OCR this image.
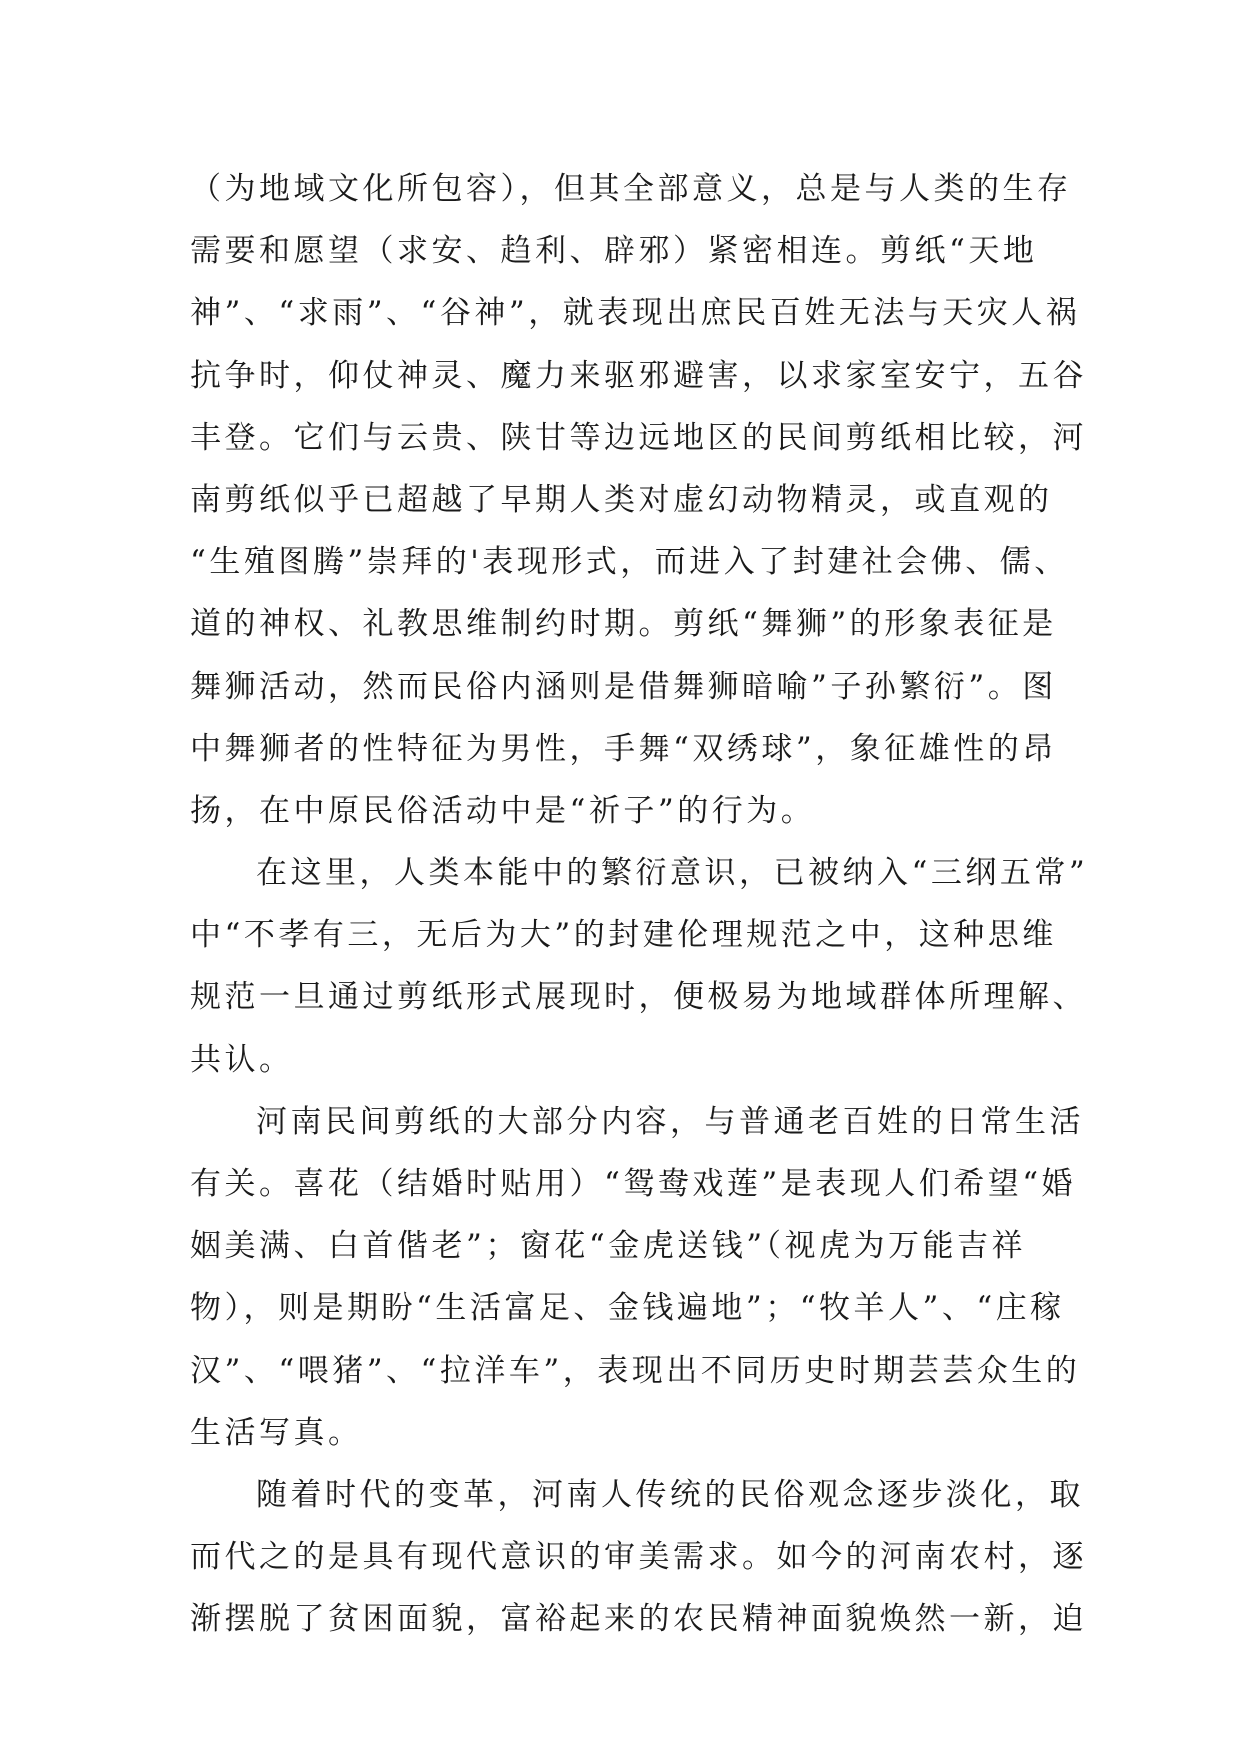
（为地域文化所包容），但其全部意义，总是与人类的生存
需要和愿望（求安、趋利、辟邪）紧密相连。剪纸“天地
神”、“求雨”、“谷神”，就表现出庶民百姓无法与天灾人祸
抗争时，仰仗神灵、魔力来驱邪避害，以求家室安宁，五谷
丰登。它们与云贵、陕甘等边远地区的民间剪纸相比较，河
南剪纸似乎已超越了早期人类对虚幻动物精灵，或直观的
“生殖图腾”崇拜的'表现形式，而进入了封建社会佛、儒、
道的神权、礼教思维制约时期。剪纸“舞狮”的形象表征是
舞狮活动，然而民俗内涵则是借舞狮暗喻”子孙繁衍”。图
中舞狮者的性特征为男性，手舞“双绣球”，象征雄性的昂
扬，在中原民俗活动中是“祈子”的行为。
在这里，人类本能中的繁衍意识，已被纳入“三纲五常”
中“不孝有三，无后为大”的封建伦理规范之中，这种思维
规范一旦通过剪纸形式展现时，便极易为地域群体所理解、
共认。
河南民间剪纸的大部分内容，与普通老百姓的日常生活
有关。喜花（结婚时贴用）“鸳鸯戏莲”是表现人们希望“婚
姻美满、白首偕老”；窗花“金虎送钱”（视虎为万能吉祥
物），则是期盼“生活富足、金钱遍地”；“牧羊人”、“庄稼
汉”、“喂猪”、“拉洋车”，表现出不同历史时期芸芸众生的
生活写真。
随着时代的变革，河南人传统的民俗观念逐步淡化，取
而代之的是具有现代意识的审美需求。如今的河南农村，逐
渐摆脱了贫困面貌，富裕起来的农民精神面貌焕然一新，迫
